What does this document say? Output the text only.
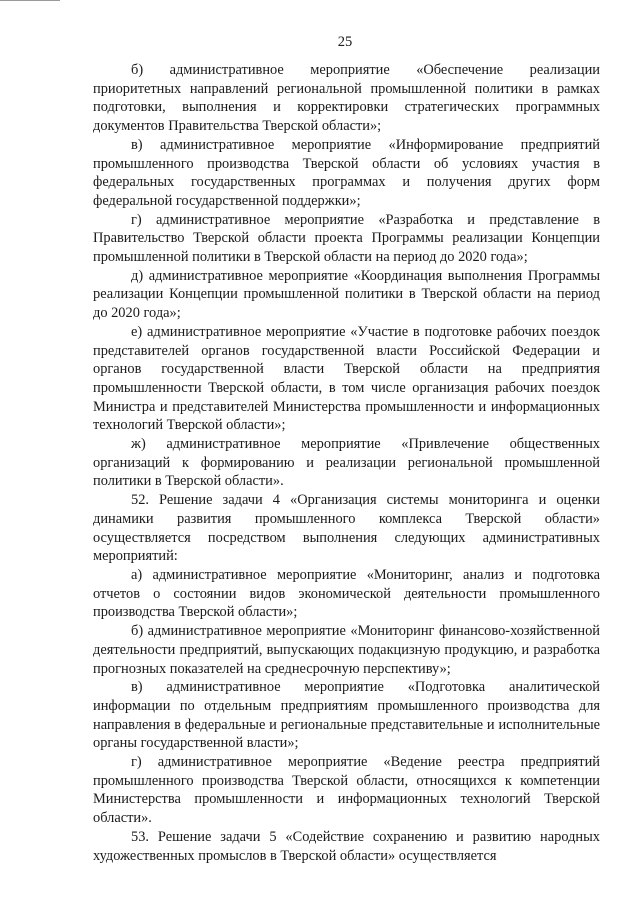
25

б) административное мероприятие «Обеспечение реализации приоритетных направлений региональной промышленной политики в рамках подготовки, выполнения и корректировки стратегических программных документов Правительства Тверской области»;

в) административное мероприятие «Информирование предприятий промышленного производства Тверской области об условиях участия в федеральных государственных программах и получения других форм федеральной государственной поддержки»;

г) административное мероприятие «Разработка и представление в Правительство Тверской области проекта Программы реализации Концепции промышленной политики в Тверской области на период до 2020 года»;

д) административное мероприятие «Координация выполнения Программы реализации Концепции промышленной политики в Тверской области на период до 2020 года»;

е) административное мероприятие «Участие в подготовке рабочих поездок представителей органов государственной власти Российской Федерации и органов государственной власти Тверской области на предприятия промышленности Тверской области, в том числе организация рабочих поездок Министра и представителей Министерства промышленности и информационных технологий Тверской области»;

ж) административное мероприятие «Привлечение общественных организаций к формированию и реализации региональной промышленной политики в Тверской области».

52. Решение задачи 4 «Организация системы мониторинга и оценки динамики развития промышленного комплекса Тверской области» осуществляется посредством выполнения следующих административных мероприятий:

а) административное мероприятие «Мониторинг, анализ и подготовка отчетов о состоянии видов экономической деятельности промышленного производства Тверской области»;

б) административное мероприятие «Мониторинг финансово-хозяйственной деятельности предприятий, выпускающих подакцизную продукцию, и разработка прогнозных показателей на среднесрочную перспективу»;

в) административное мероприятие «Подготовка аналитической информации по отдельным предприятиям промышленного производства для направления в федеральные и региональные представительные и исполнительные органы государственной власти»;

г) административное мероприятие «Ведение реестра предприятий промышленного производства Тверской области, относящихся к компетенции Министерства промышленности и информационных технологий Тверской области».

53. Решение задачи 5 «Содействие сохранению и развитию народных художественных промыслов в Тверской области» осуществляется
